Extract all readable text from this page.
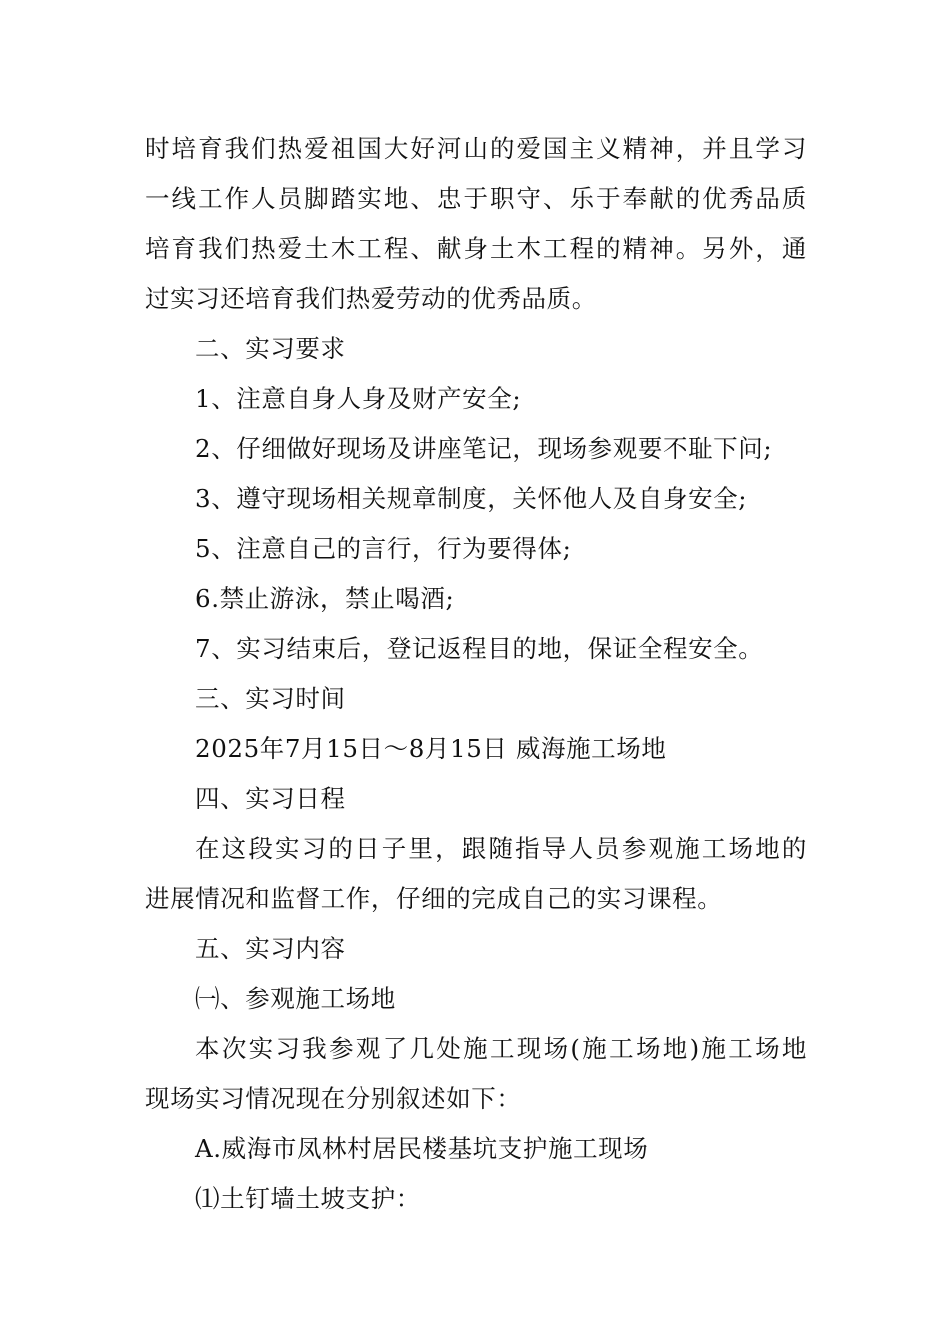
时培育我们热爱祖国大好河山的爱国主义精神，并且学习
一线工作人员脚踏实地、忠于职守、乐于奉献的优秀品质
培育我们热爱土木工程、献身土木工程的精神。另外，通
过实习还培育我们热爱劳动的优秀品质。
二、实习要求
1、注意自身人身及财产安全;
2、仔细做好现场及讲座笔记，现场参观要不耻下问;
3、遵守现场相关规章制度，关怀他人及自身安全;
5、注意自己的言行，行为要得体;
6.禁止游泳，禁止喝酒;
7、实习结束后，登记返程目的地，保证全程安全。
三、实习时间
2025年7月15日～8月15日 威海施工场地
四、实习日程
在这段实习的日子里，跟随指导人员参观施工场地的
进展情况和监督工作，仔细的完成自己的实习课程。
五、实习内容
㈠、参观施工场地
本次实习我参观了几处施工现场(施工场地)施工场地
现场实习情况现在分别叙述如下：
A.威海市凤林村居民楼基坑支护施工现场
⑴土钉墙土坡支护：
